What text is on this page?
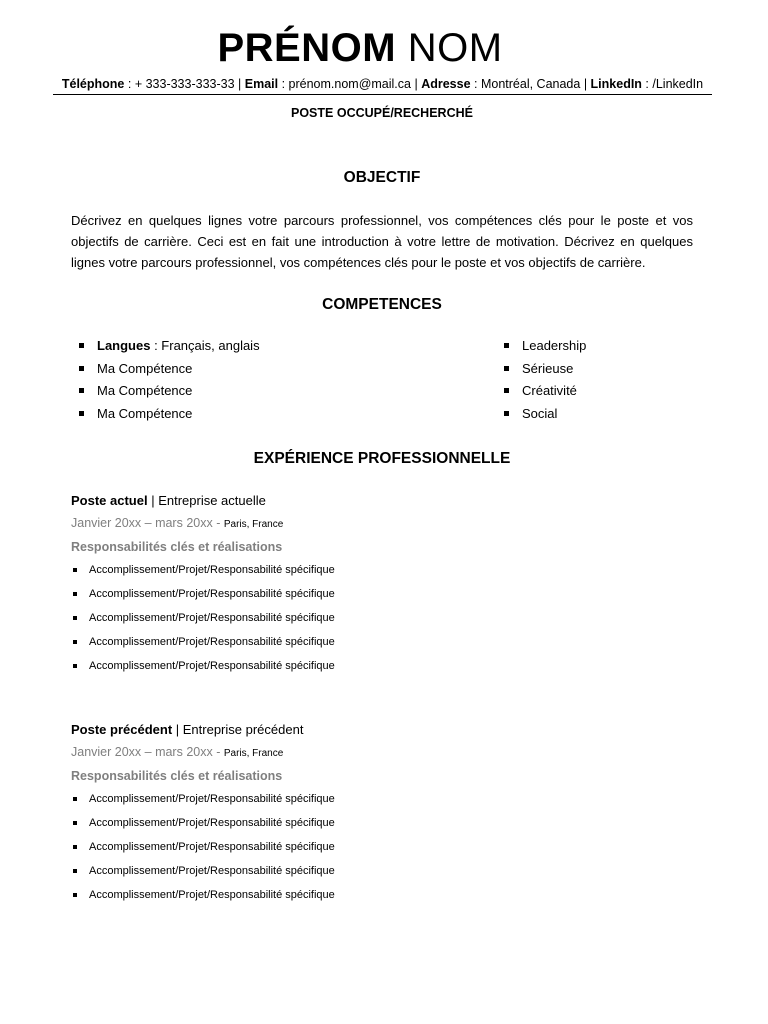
PRÉNOM NOM
Téléphone : + 333-333-333-33 | Email : prénom.nom@mail.ca | Adresse : Montréal, Canada | LinkedIn : /LinkedIn
POSTE OCCUPÉ/RECHERCHÉ
OBJECTIF
Décrivez en quelques lignes votre parcours professionnel, vos compétences clés pour le poste et vos objectifs de carrière. Ceci est en fait une introduction à votre lettre de motivation. Décrivez en quelques lignes votre parcours professionnel, vos compétences clés pour le poste et vos objectifs de carrière.
COMPETENCES
Langues : Français, anglais
Ma Compétence
Ma Compétence
Ma Compétence
Leadership
Sérieuse
Créativité
Social
EXPÉRIENCE PROFESSIONNELLE
Poste actuel | Entreprise actuelle
Janvier 20xx – mars 20xx - Paris, France
Responsabilités clés et réalisations
Accomplissement/Projet/Responsabilité spécifique
Accomplissement/Projet/Responsabilité spécifique
Accomplissement/Projet/Responsabilité spécifique
Accomplissement/Projet/Responsabilité spécifique
Accomplissement/Projet/Responsabilité spécifique
Poste précédent | Entreprise précédent
Janvier 20xx – mars 20xx - Paris, France
Responsabilités clés et réalisations
Accomplissement/Projet/Responsabilité spécifique
Accomplissement/Projet/Responsabilité spécifique
Accomplissement/Projet/Responsabilité spécifique
Accomplissement/Projet/Responsabilité spécifique
Accomplissement/Projet/Responsabilité spécifique
